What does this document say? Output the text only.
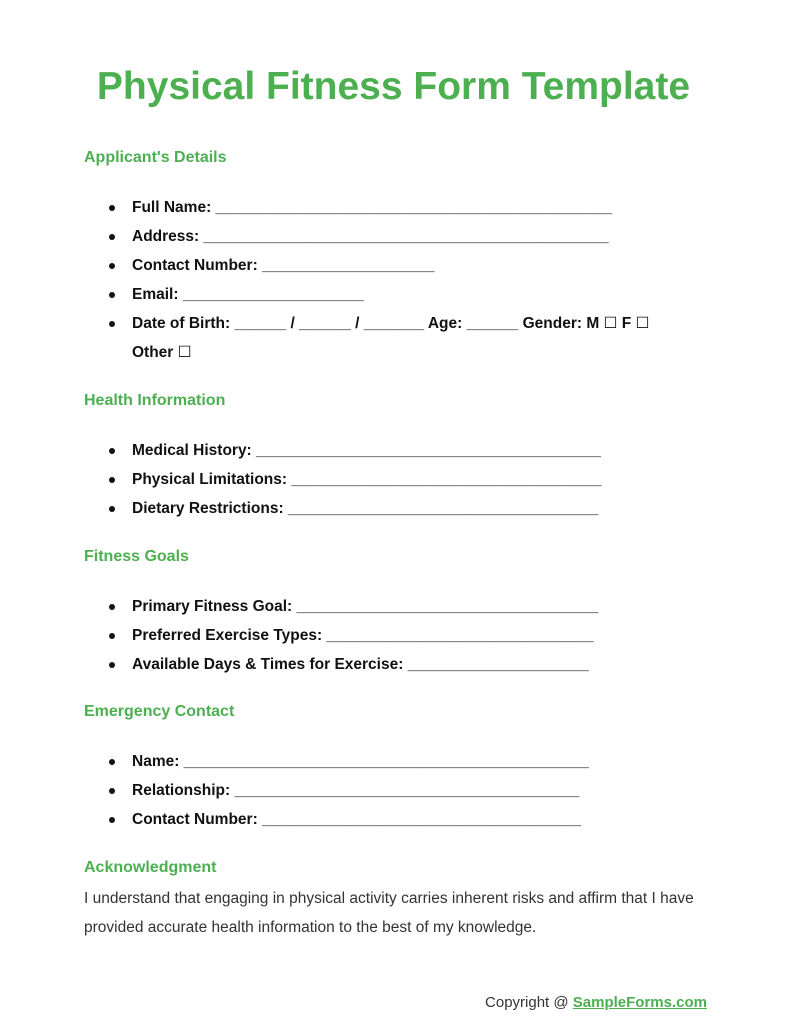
Physical Fitness Form Template
Applicant's Details
Full Name: ______________________________________________
Address: _______________________________________________
Contact Number: ____________________
Email: _____________________
Date of Birth: ______ / ______ / _______ Age: ______ Gender: M ☐ F ☐ Other ☐
Health Information
Medical History: ________________________________________
Physical Limitations: ____________________________________
Dietary Restrictions: ____________________________________
Fitness Goals
Primary Fitness Goal: ___________________________________
Preferred Exercise Types: _______________________________
Available Days & Times for Exercise: _____________________
Emergency Contact
Name: _______________________________________________
Relationship: ________________________________________
Contact Number: _____________________________________
Acknowledgment

I understand that engaging in physical activity carries inherent risks and affirm that I have provided accurate health information to the best of my knowledge.

Copyright @ SampleForms.com
